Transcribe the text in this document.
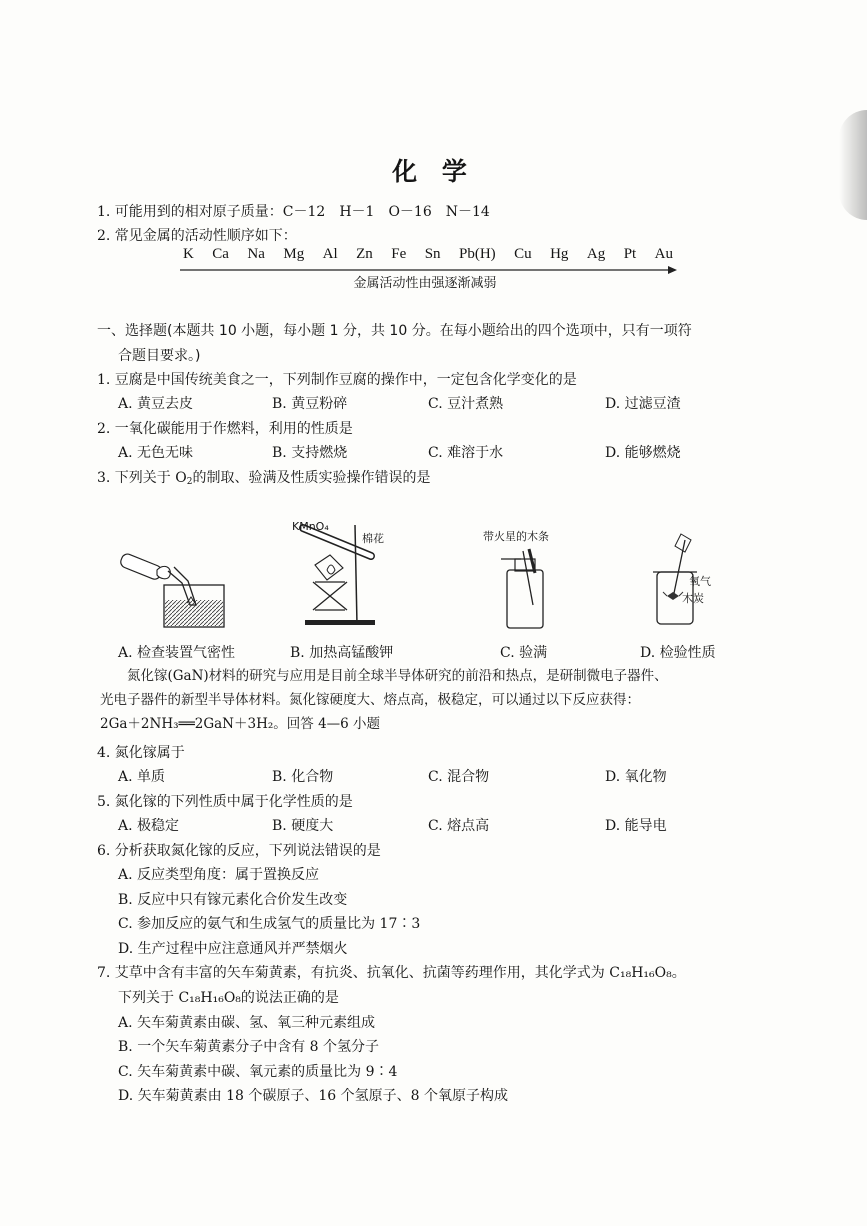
化 学
1. 可能用到的相对原子质量：C－12　H－1　O－16　N－14
2. 常见金属的活动性顺序如下：
K Ca Na Mg Al Zn Fe Sn Pb(H) Cu Hg Ag Pt Au
金属活动性由强逐渐减弱
一、选择题(本题共 10 小题，每小题 1 分，共 10 分。在每小题给出的四个选项中，只有一项符
合题目要求。)
1. 豆腐是中国传统美食之一，下列制作豆腐的操作中，一定包含化学变化的是
A. 黄豆去皮	B. 黄豆粉碎	C. 豆汁煮熟	D. 过滤豆渣
2. 一氧化碳能用于作燃料，利用的性质是
A. 无色无味	B. 支持燃烧	C. 难溶于水	D. 能够燃烧
3. 下列关于 $O_2$的制取、验满及性质实验操作错误的是
KMnO₄
棉花	带火星的木条
氧气
木炭
A. 检查装置气密性	B. 加热高锰酸钾	C. 验满	D. 检验性质
　　氮化镓(GaN)材料的研究与应用是目前全球半导体研究的前沿和热点，是研制微电子器件、
光电子器件的新型半导体材料。氮化镓硬度大、熔点高，极稳定，可以通过以下反应获得：
2Ga＋2NH₃══2GaN＋3H₂。回答 4—6 小题
4. 氮化镓属于
A. 单质	B. 化合物	C. 混合物	D. 氧化物
5. 氮化镓的下列性质中属于化学性质的是
A. 极稳定	B. 硬度大	C. 熔点高	D. 能导电
6. 分析获取氮化镓的反应，下列说法错误的是
A. 反应类型角度：属于置换反应
B. 反应中只有镓元素化合价发生改变
C. 参加反应的氨气和生成氢气的质量比为 17∶3
D. 生产过程中应注意通风并严禁烟火
7. 艾草中含有丰富的矢车菊黄素，有抗炎、抗氧化、抗菌等药理作用，其化学式为 C₁₈H₁₆O₈。
下列关于 C₁₈H₁₆O₈的说法正确的是
A. 矢车菊黄素由碳、氢、氧三种元素组成
B. 一个矢车菊黄素分子中含有 8 个氢分子
C. 矢车菊黄素中碳、氧元素的质量比为 9∶4
D. 矢车菊黄素由 18 个碳原子、16 个氢原子、8 个氧原子构成
